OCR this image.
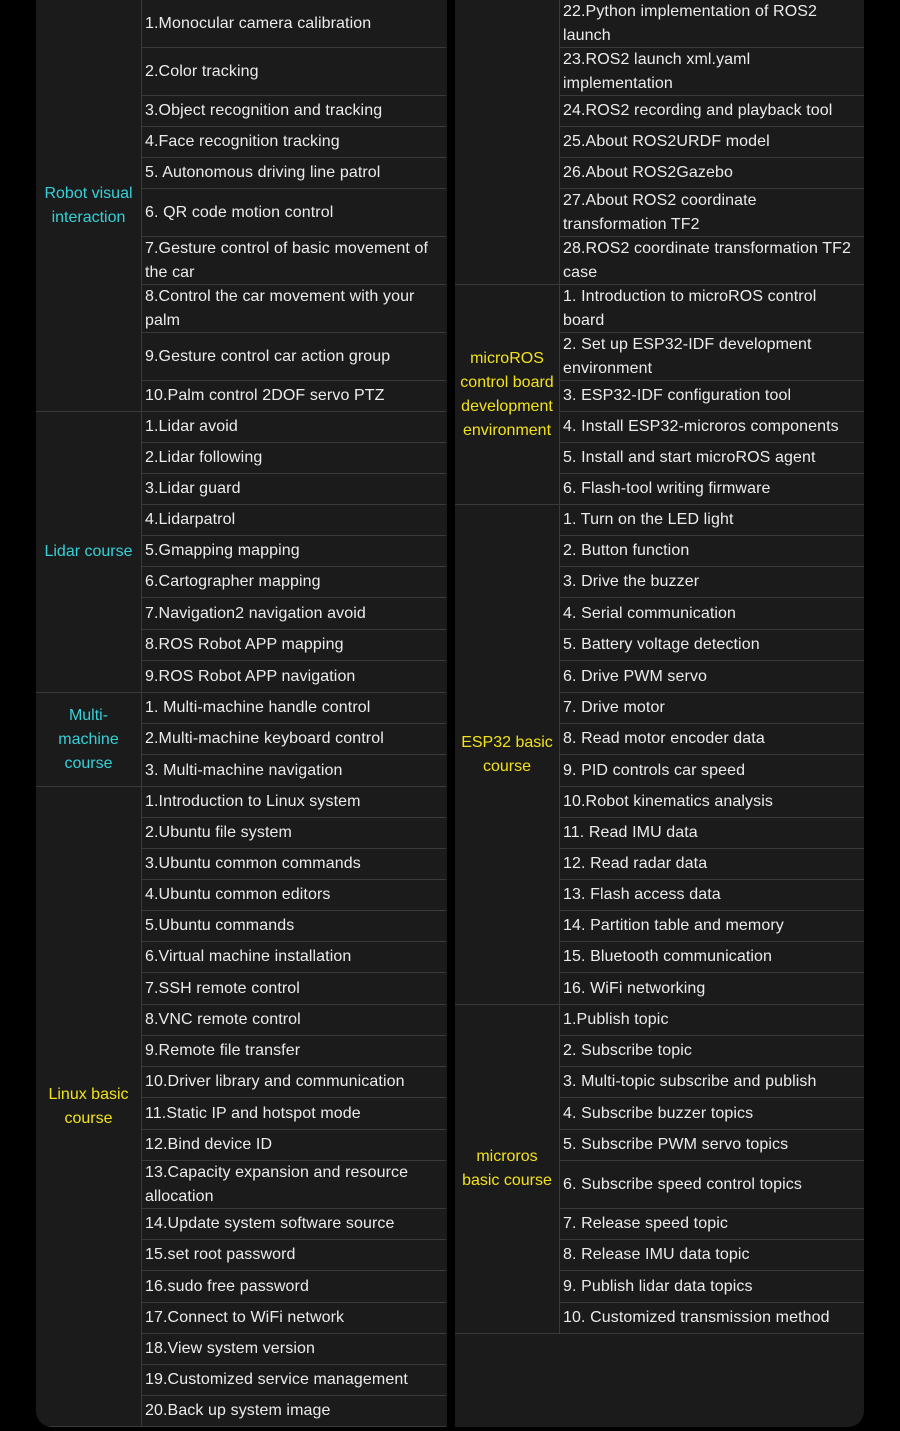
Robot visual
interaction
1.Monocular camera calibration
2.Color tracking
3.Object recognition and tracking
4.Face recognition tracking
5. Autonomous driving line patrol
6. QR code motion control
7.Gesture control of basic movement of the car
8.Control the car movement with your palm
9.Gesture control car action group
10.Palm control 2DOF servo PTZ
Lidar course
1.Lidar avoid
2.Lidar following
3.Lidar guard
4.Lidarpatrol
5.Gmapping mapping
6.Cartographer mapping
7.Navigation2 navigation avoid
8.ROS Robot APP mapping
9.ROS Robot APP navigation
Multi-
machine
course
1. Multi-machine handle control
2.Multi-machine keyboard control
3. Multi-machine navigation
Linux basic
course
1.Introduction to Linux system
2.Ubuntu file system
3.Ubuntu common commands
4.Ubuntu common editors
5.Ubuntu commands
6.Virtual machine installation
7.SSH remote control
8.VNC remote control
9.Remote file transfer
10.Driver library and communication
11.Static IP and hotspot mode
12.Bind device ID
13.Capacity expansion and resource allocation
14.Update system software source
15.set root password
16.sudo free password
17.Connect to WiFi network
18.View system version
19.Customized service management
20.Back up system image
22.Python implementation of ROS2 launch
23.ROS2 launch xml.yaml implementation
24.ROS2 recording and playback tool
25.About ROS2URDF model
26.About ROS2Gazebo
27.About ROS2 coordinate transformation TF2
28.ROS2 coordinate transformation TF2 case
microROS
control board
development
environment
1. Introduction to microROS control board
2. Set up ESP32-IDF development environment
3. ESP32-IDF configuration tool
4. Install ESP32-microros components
5. Install and start microROS agent
6. Flash-tool writing firmware
ESP32 basic
course
1. Turn on the LED light
2. Button function
3. Drive the buzzer
4. Serial communication
5. Battery voltage detection
6. Drive PWM servo
7. Drive motor
8. Read motor encoder data
9. PID controls car speed
10.Robot kinematics analysis
11. Read IMU data
12. Read radar data
13. Flash access data
14. Partition table and memory
15. Bluetooth communication
16. WiFi networking
microros
basic course
1.Publish topic
2. Subscribe topic
3. Multi-topic subscribe and publish
4. Subscribe buzzer topics
5. Subscribe PWM servo topics
6. Subscribe speed control topics
7. Release speed topic
8. Release IMU data topic
9. Publish lidar data topics
10. Customized transmission method
